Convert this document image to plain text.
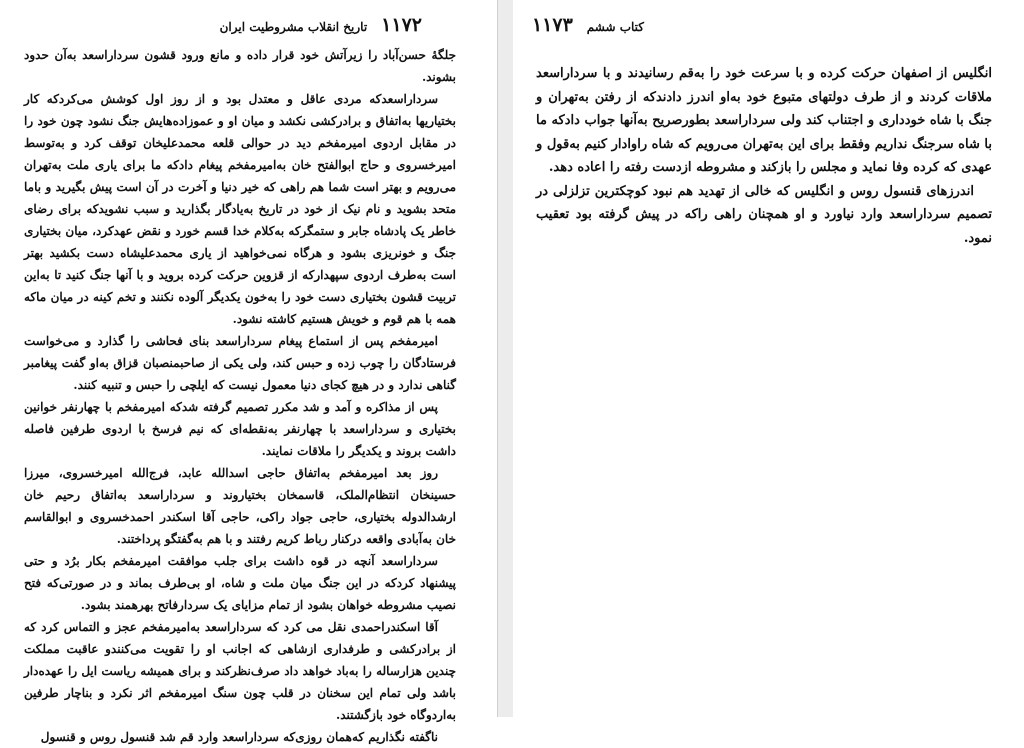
۱۱۷۲
تاریخ انقلاب مشروطیت ایران

جلگهٔ حسن‌آباد را زیرآتش خود قرار داده و مانع ورود قشون سرداراسعد به‌آن حدود بشوند.

سرداراسعدکه مردی عاقل و معتدل بود و از روز اول کوشش می‌کردکه کار بختیاریها به‌اتفاق و برادرکشی نکشد و میان او و عموزاده‌هایش جنگ نشود چون خود را در مقابل اردوی امیرمفخم دید در حوالی قلعه محمدعلیخان توقف کرد و به‌توسط امیرخسروی و حاج ابوالفتح خان به‌امیرمفخم پیغام دادکه ما برای یاری ملت به‌تهران می‌رویم و بهتر است شما هم راهی که خیر دنیا و آخرت در آن است پیش بگیرید و باما متحد بشوید و نام نیک از خود در تاریخ به‌یادگار بگذارید و سبب نشویدکه برای رضای خاطر یک پادشاه جابر و ستمگرکه به‌کلام خدا قسم خورد و نقض عهدکرد، میان بختیاری جنگ و خونریزی بشود و هرگاه نمی‌خواهید از یاری محمدعلیشاه دست بکشید بهتر است به‌طرف اردوی سپهدارکه از قزوین حرکت کرده بروید و با آنها جنگ کنید تا به‌این تربیت قشون بختیاری دست خود را به‌خون یکدیگر آلوده نکنند و تخم کینه در میان ماکه همه با هم قوم و خویش هستیم کاشته نشود.

امیرمفخم پس از استماع پیغام سرداراسعد بنای فحاشی را گذارد و می‌خواست فرستادگان را چوب زده و حبس کند، ولی یکی از صاحبمنصبان قزاق به‌او گفت پیغامبر گناهی ندارد و در هیچ کجای دنیا معمول نیست که ایلچی را حبس و تنبیه کنند.

پس از مذاکره و آمد و شد مکرر تصمیم گرفته شدکه امیرمفخم با چهارنفر خوانین بختیاری و سرداراسعد با چهارنفر به‌نقطه‌ای که نیم فرسخ با اردوی طرفین فاصله داشت بروند و یکدیگر را ملاقات نمایند.

روز بعد امیرمفخم به‌اتفاق حاجی اسدالله عابد، فرج‌الله امیرخسروی، میرزا حسینخان انتظام‌الملک، قاسمخان بختیاروند و سرداراسعد به‌اتفاق رحیم خان ارشدالدوله بختیاری، حاجی جواد راکی، حاجی آقا اسکندر احمدخسروی و ابوالقاسم خان به‌آبادی واقعه درکنار رباط کریم رفتند و با هم به‌گفتگو پرداختند.

سرداراسعد آنچه در قوه داشت برای جلب موافقت امیرمفخم بکار برُد و حتی پیشنهاد کردکه در این جنگ میان ملت و شاه، او بی‌طرف بماند و در صورتی‌که فتح نصیب مشروطه خواهان بشود از تمام مزایای یک سردارفاتح بهرهمند بشود.

آقا اسکندراحمدی نقل می کرد که سرداراسعد به‌امیرمفخم عجز و التماس کرد که از برادرکشی و طرفداری ازشاهی که اجانب او را تقویت می‌کنندو عاقبت مملکت چندین هزارساله را به‌باد خواهد داد صرف‌نظرکند و برای همیشه ریاست ایل را عهده‌دار باشد ولی تمام این سخنان در قلب چون سنگ امیرمفخم اثر نکرد و بناچار طرفین به‌اردوگاه خود بازگشتند.

ناگفته نگذاریم که‌همان روزی‌که سرداراسعد وارد قم شد قنسول روس و قنسول

کتاب ششم
۱۱۷۳

انگلیس از اصفهان حرکت کرده و با سرعت خود را به‌قم رسانیدند و با سرداراسعد ملاقات کردند و از طرف دولتهای متبوع خود به‌او اندرز دادندکه از رفتن به‌تهران و جنگ با شاه خودداری و اجتناب کند ولی سرداراسعد بطورصریح به‌آنها جواب دادکه ما با شاه سرجنگ نداریم وفقط برای این به‌تهران می‌رویم که شاه راوادار کنیم به‌قول و عهدی که کرده وفا نماید و مجلس را بازکند و مشروطه ازدست رفته را اعاده دهد.

اندرزهای قنسول روس و انگلیس که خالی از تهدید هم نبود کوچکترین تزلزلی در تصمیم سرداراسعد وارد نیاورد و او همچنان راهی راکه در پیش گرفته بود تعقیب نمود.
